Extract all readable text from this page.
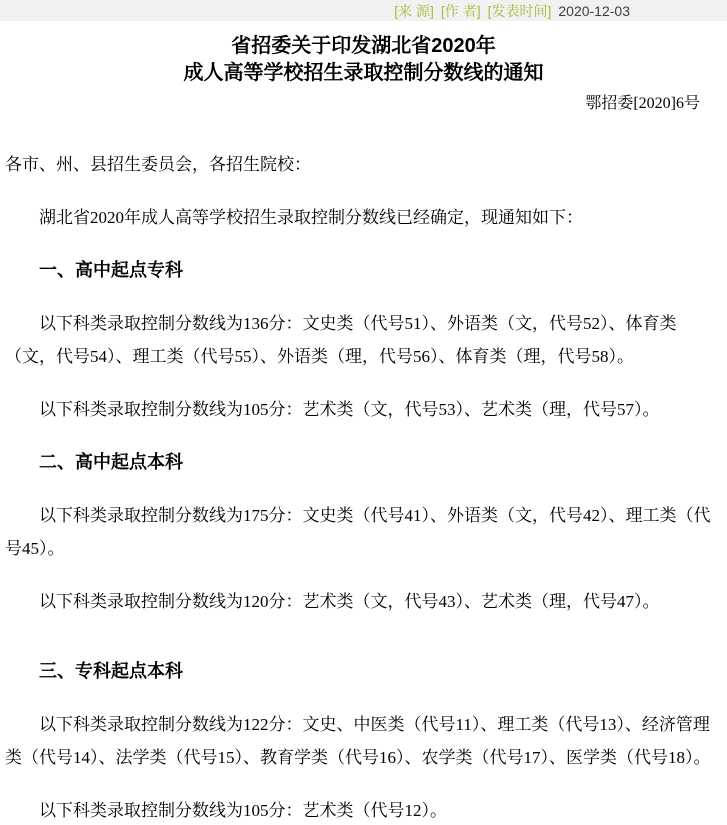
[来 源] [作 者] [发表时间] 2020-12-03
省招委关于印发湖北省2020年
成人高等学校招生录取控制分数线的通知
鄂招委[2020]6号

各市、州、县招生委员会，各招生院校：

湖北省2020年成人高等学校招生录取控制分数线已经确定，现通知如下：

一、高中起点专科

以下科类录取控制分数线为136分：文史类（代号51）、外语类（文，代号52）、体育类（文，代号54）、理工类（代号55）、外语类（理，代号56）、体育类（理，代号58）。

以下科类录取控制分数线为105分：艺术类（文，代号53）、艺术类（理，代号57）。

二、高中起点本科

以下科类录取控制分数线为175分：文史类（代号41）、外语类（文，代号42）、理工类（代号45）。

以下科类录取控制分数线为120分：艺术类（文，代号43）、艺术类（理，代号47）。

三、专科起点本科

以下科类录取控制分数线为122分：文史、中医类（代号11）、理工类（代号13）、经济管理类（代号14）、法学类（代号15）、教育学类（代号16）、农学类（代号17）、医学类（代号18）。

以下科类录取控制分数线为105分：艺术类（代号12）。
